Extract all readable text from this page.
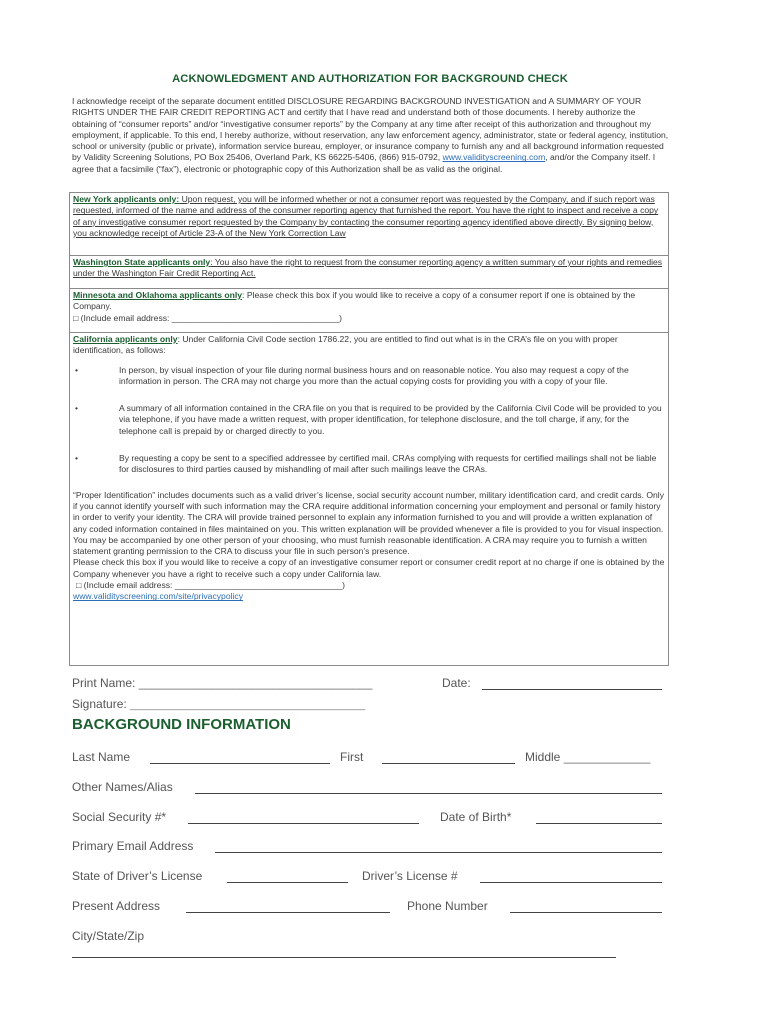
ACKNOWLEDGMENT AND AUTHORIZATION FOR BACKGROUND CHECK
I acknowledge receipt of the separate document entitled DISCLOSURE REGARDING BACKGROUND INVESTIGATION and A SUMMARY OF YOUR RIGHTS UNDER THE FAIR CREDIT REPORTING ACT and certify that I have read and understand both of those documents. I hereby authorize the obtaining of “consumer reports” and/or “investigative consumer reports” by the Company at any time after receipt of this authorization and throughout my employment, if applicable. To this end, I hereby authorize, without reservation, any law enforcement agency, administrator, state or federal agency, institution, school or university (public or private), information service bureau, employer, or insurance company to furnish any and all background information requested by Validity Screening Solutions, PO Box 25406, Overland Park, KS 66225-5406, (866) 915-0792, www.validityscreening.com, and/or the Company itself. I agree that a facsimile (“fax”), electronic or photographic copy of this Authorization shall be as valid as the original.
New York applicants only: Upon request, you will be informed whether or not a consumer report was requested by the Company, and if such report was requested, informed of the name and address of the consumer reporting agency that furnished the report. You have the right to inspect and receive a copy of any investigative consumer report requested by the Company by contacting the consumer reporting agency identified above directly. By signing below, you acknowledge receipt of Article 23-A of the New York Correction Law
Washington State applicants only: You also have the right to request from the consumer reporting agency a written summary of your rights and remedies under the Washington Fair Credit Reporting Act.
Minnesota and Oklahoma applicants only: Please check this box if you would like to receive a copy of a consumer report if one is obtained by the Company.
□ (Include email address: ___________________________________)
California applicants only: Under California Civil Code section 1786.22, you are entitled to find out what is in the CRA’s file on you with proper identification, as follows:
•	In person, by visual inspection of your file during normal business hours and on reasonable notice. You also may request a copy of the information in person. The CRA may not charge you more than the actual copying costs for providing you with a copy of your file.
•	A summary of all information contained in the CRA file on you that is required to be provided by the California Civil Code will be provided to you via telephone, if you have made a written request, with proper identification, for telephone disclosure, and the toll charge, if any, for the telephone call is prepaid by or charged directly to you.
•	By requesting a copy be sent to a specified addressee by certified mail. CRAs complying with requests for certified mailings shall not be liable for disclosures to third parties caused by mishandling of mail after such mailings leave the CRAs.
“Proper Identification” includes documents such as a valid driver’s license, social security account number, military identification card, and credit cards. Only if you cannot identify yourself with such information may the CRA require additional information concerning your employment and personal or family history in order to verify your identity. The CRA will provide trained personnel to explain any information furnished to you and will provide a written explanation of any coded information contained in files maintained on you. This written explanation will be provided whenever a file is provided to you for visual inspection. You may be accompanied by one other person of your choosing, who must furnish reasonable identification. A CRA may require you to furnish a written statement granting permission to the CRA to discuss your file in such person’s presence.
Please check this box if you would like to receive a copy of an investigative consumer report or consumer credit report at no charge if one is obtained by the Company whenever you have a right to receive such a copy under California law.
□ (Include email address: ___________________________________)
www.validityscreening.com/site/privacypolicy
Print Name: ___________________________________	Date:
Signature: _______________________________________________
BACKGROUND INFORMATION
Last Name	First	Middle _____________
Other Names/Alias
Social Security #*	Date of Birth*
Primary Email Address
State of Driver’s License	Driver’s License #
Present Address	Phone Number
City/State/Zip
